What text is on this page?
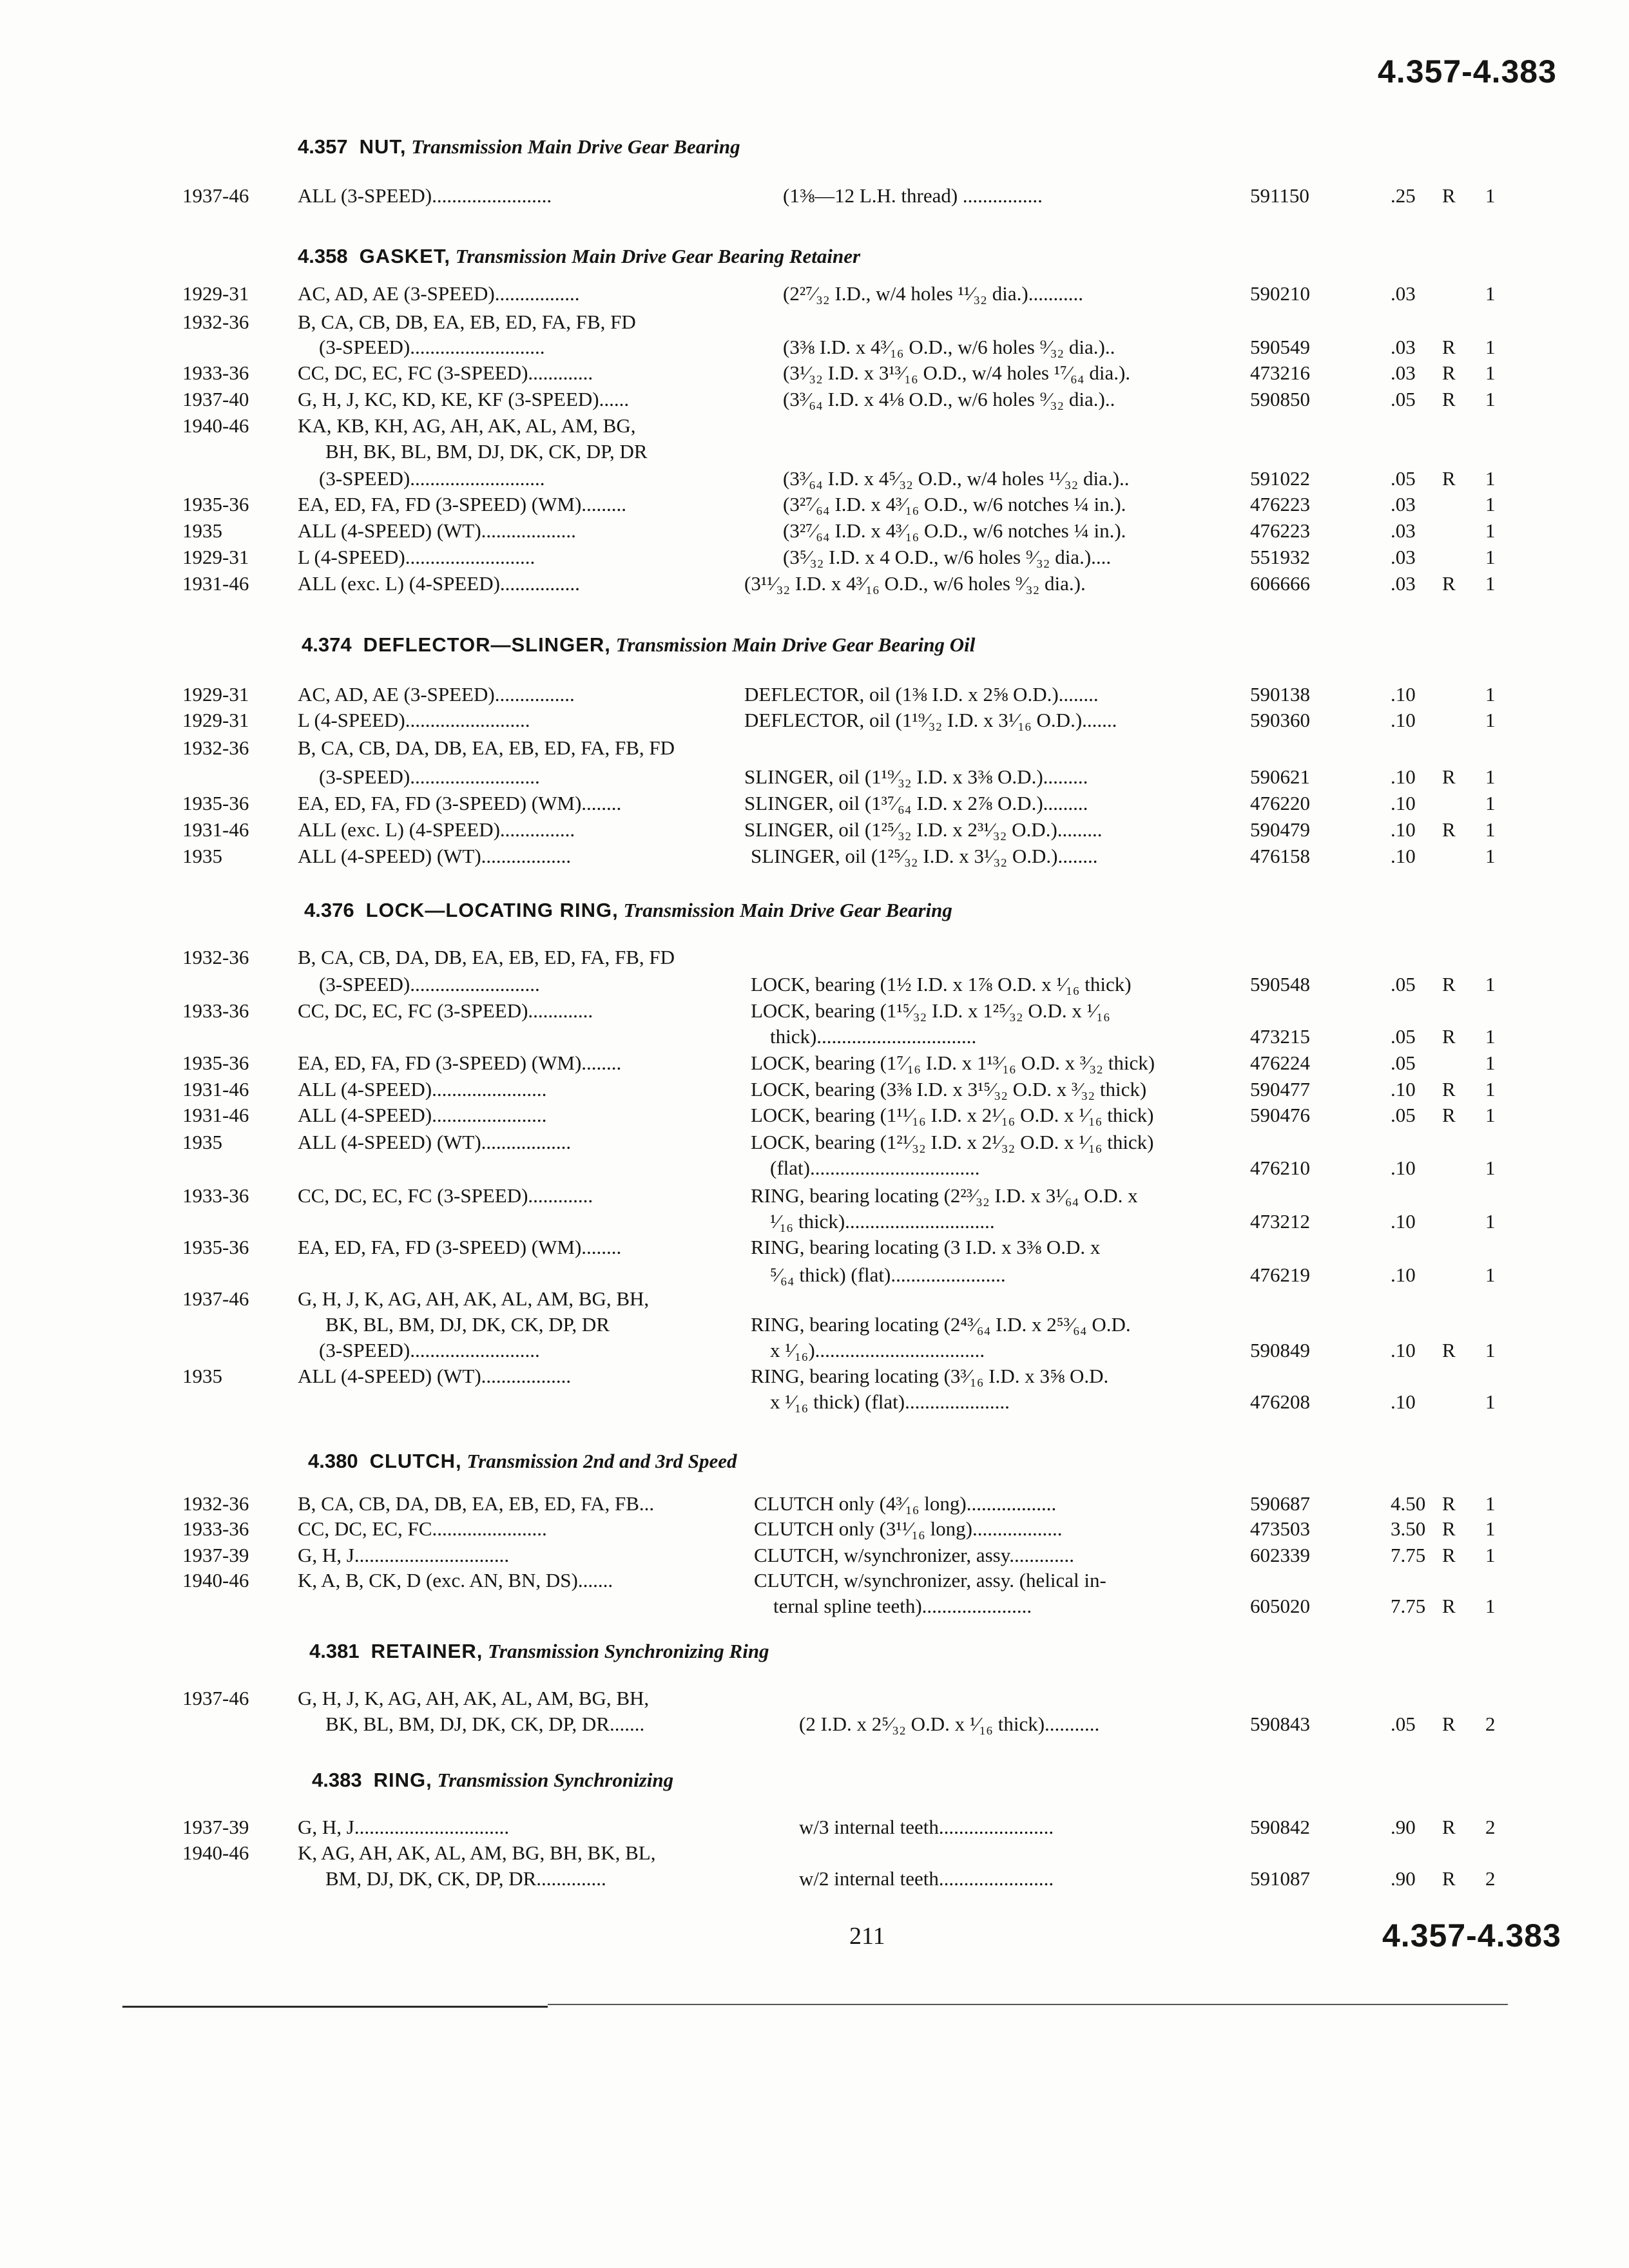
4.357-4.383
4.357 NUT, Transmission Main Drive Gear Bearing
4.358 GASKET, Transmission Main Drive Gear Bearing Retainer
4.374 DEFLECTOR—SLINGER, Transmission Main Drive Gear Bearing Oil
4.376 LOCK—LOCATING RING, Transmission Main Drive Gear Bearing
4.380 CLUTCH, Transmission 2nd and 3rd Speed
4.381 RETAINER, Transmission Synchronizing Ring
4.383 RING, Transmission Synchronizing
1937-46 ALL (3-SPEED)........................	(1⅜—12 L.H. thread) ................	591150	.25 R 1
1929-31 AC, AD, AE (3-SPEED).................	(2²⁷⁄₃₂ I.D., w/4 holes ¹¹⁄₃₂ dia.)...........	590210	.03	1
1932-36 B, CA, CB, DB, EA, EB, ED, FA, FB, FD
(3-SPEED)...........................	(3⅜ I.D. x 4³⁄₁₆ O.D., w/6 holes ⁹⁄₃₂ dia.)..	590549	.03 R 1
1933-36 CC, DC, EC, FC (3-SPEED).............	(3¹⁄₃₂ I.D. x 3¹³⁄₁₆ O.D., w/4 holes ¹⁷⁄₆₄ dia.).	473216	.03 R 1
1937-40 G, H, J, KC, KD, KE, KF (3-SPEED)......	(3³⁄₆₄ I.D. x 4⅛ O.D., w/6 holes ⁹⁄₃₂ dia.)..	590850	.05 R 1
1940-46 KA, KB, KH, AG, AH, AK, AL, AM, BG,
BH, BK, BL, BM, DJ, DK, CK, DP, DR
(3-SPEED)...........................	(3³⁄₆₄ I.D. x 4⁵⁄₃₂ O.D., w/4 holes ¹¹⁄₃₂ dia.)..	591022	.05 R 1
1935-36 EA, ED, FA, FD (3-SPEED) (WM).........	(3²⁷⁄₆₄ I.D. x 4³⁄₁₆ O.D., w/6 notches ¼ in.).	476223	.03	1
1935	ALL (4-SPEED) (WT)...................	(3²⁷⁄₆₄ I.D. x 4³⁄₁₆ O.D., w/6 notches ¼ in.).	476223	.03	1
1929-31 L (4-SPEED)..........................	(3⁵⁄₃₂ I.D. x 4 O.D., w/6 holes ⁹⁄₃₂ dia.)....	551932	.03	1
1931-46 ALL (exc. L) (4-SPEED)................	(3¹¹⁄₃₂ I.D. x 4³⁄₁₆ O.D., w/6 holes ⁹⁄₃₂ dia.).	606666	.03 R 1
1929-31 AC, AD, AE (3-SPEED)................	DEFLECTOR, oil (1⅜ I.D. x 2⅝ O.D.)........	590138	.10	1
1929-31 L (4-SPEED).........................	DEFLECTOR, oil (1¹⁹⁄₃₂ I.D. x 3¹⁄₁₆ O.D.).......	590360	.10	1
1932-36 B, CA, CB, DA, DB, EA, EB, ED, FA, FB, FD
(3-SPEED)..........................	SLINGER, oil (1¹⁹⁄₃₂ I.D. x 3⅜ O.D.).........	590621	.10 R 1
1935-36 EA, ED, FA, FD (3-SPEED) (WM)........	SLINGER, oil (1³⁷⁄₆₄ I.D. x 2⅞ O.D.).........	476220	.10	1
1931-46 ALL (exc. L) (4-SPEED)...............	SLINGER, oil (1²⁵⁄₃₂ I.D. x 2³¹⁄₃₂ O.D.).........	590479	.10 R 1
1935	ALL (4-SPEED) (WT)..................	SLINGER, oil (1²⁵⁄₃₂ I.D. x 3¹⁄₃₂ O.D.)........	476158	.10	1
1932-36 B, CA, CB, DA, DB, EA, EB, ED, FA, FB, FD
(3-SPEED)..........................	LOCK, bearing (1½ I.D. x 1⅞ O.D. x ¹⁄₁₆ thick)	590548	.05 R 1
1933-36 CC, DC, EC, FC (3-SPEED).............	LOCK, bearing (1¹⁵⁄₃₂ I.D. x 1²⁵⁄₃₂ O.D. x ¹⁄₁₆
thick)................................	473215	.05 R 1
1935-36 EA, ED, FA, FD (3-SPEED) (WM)........	LOCK, bearing (1⁷⁄₁₆ I.D. x 1¹³⁄₁₆ O.D. x ³⁄₃₂ thick)	476224	.05	1
1931-46 ALL (4-SPEED).......................	LOCK, bearing (3⅜ I.D. x 3¹⁵⁄₃₂ O.D. x ³⁄₃₂ thick)	590477	.10 R 1
1931-46 ALL (4-SPEED).......................	LOCK, bearing (1¹¹⁄₁₆ I.D. x 2¹⁄₁₆ O.D. x ¹⁄₁₆ thick)	590476	.05 R 1
1935	ALL (4-SPEED) (WT)..................	LOCK, bearing (1²¹⁄₃₂ I.D. x 2¹⁄₃₂ O.D. x ¹⁄₁₆ thick)
(flat)..................................	476210	.10	1
1933-36 CC, DC, EC, FC (3-SPEED).............	RING, bearing locating (2²³⁄₃₂ I.D. x 3¹⁄₆₄ O.D. x
¹⁄₁₆ thick)..............................	473212	.10	1
1935-36 EA, ED, FA, FD (3-SPEED) (WM)........	RING, bearing locating (3 I.D. x 3⅜ O.D. x
⁵⁄₆₄ thick) (flat).......................	476219	.10	1
1937-46 G, H, J, K, AG, AH, AK, AL, AM, BG, BH,
BK, BL, BM, DJ, DK, CK, DP, DR	RING, bearing locating (2⁴³⁄₆₄ I.D. x 2⁵³⁄₆₄ O.D.
(3-SPEED)..........................	x ¹⁄₁₆)..................................	590849	.10 R 1
1935	ALL (4-SPEED) (WT)..................	RING, bearing locating (3³⁄₁₆ I.D. x 3⅝ O.D.
x ¹⁄₁₆ thick) (flat).....................	476208	.10	1
1932-36 B, CA, CB, DA, DB, EA, EB, ED, FA, FB...	CLUTCH only (4³⁄₁₆ long)..................	590687	4.50 R 1
1933-36 CC, DC, EC, FC.......................	CLUTCH only (3¹¹⁄₁₆ long)..................	473503	3.50 R 1
1937-39 G, H, J...............................	CLUTCH, w/synchronizer, assy.............	602339	7.75 R 1
1940-46 K, A, B, CK, D (exc. AN, BN, DS).......	CLUTCH, w/synchronizer, assy. (helical in-
ternal spline teeth)......................	605020	7.75 R 1
1937-46 G, H, J, K, AG, AH, AK, AL, AM, BG, BH,
BK, BL, BM, DJ, DK, CK, DP, DR.......	(2 I.D. x 2⁵⁄₃₂ O.D. x ¹⁄₁₆ thick)...........	590843	.05 R 2
1937-39 G, H, J...............................	w/3 internal teeth.......................	590842	.90 R 2
1940-46 K, AG, AH, AK, AL, AM, BG, BH, BK, BL,
BM, DJ, DK, CK, DP, DR..............	w/2 internal teeth.......................	591087	.90 R 2
211	4.357-4.383
